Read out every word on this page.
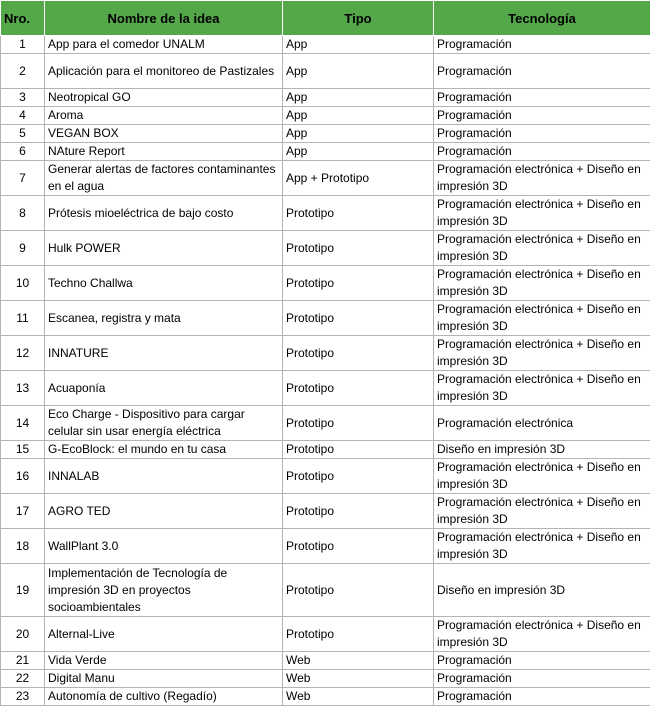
Nro.	Nombre de la idea	Tipo	Tecnología
1	App para el comedor UNALM	App	Programación
2	Aplicación para el monitoreo de Pastizales	App	Programación
3	Neotropical GO	App	Programación
4	Aroma	App	Programación
5	VEGAN BOX	App	Programación
6	NAture Report	App	Programación
7	Generar alertas de factores contaminantes en el agua	App + Prototipo	Programación electrónica + Diseño en impresión 3D
8	Prótesis mioeléctrica de bajo costo	Prototipo	Programación electrónica + Diseño en impresión 3D
9	Hulk POWER	Prototipo	Programación electrónica + Diseño en impresión 3D
10	Techno Challwa	Prototipo	Programación electrónica + Diseño en impresión 3D
11	Escanea, registra y mata	Prototipo	Programación electrónica + Diseño en impresión 3D
12	INNATURE	Prototipo	Programación electrónica + Diseño en impresión 3D
13	Acuaponía	Prototipo	Programación electrónica + Diseño en impresión 3D
14	Eco Charge - Dispositivo para cargar celular sin usar energía eléctrica	Prototipo	Programación electrónica
15	G-EcoBlock: el mundo en tu casa	Prototipo	Diseño en impresión 3D
16	INNALAB	Prototipo	Programación electrónica + Diseño en impresión 3D
17	AGRO TED	Prototipo	Programación electrónica + Diseño en impresión 3D
18	WallPlant 3.0	Prototipo	Programación electrónica + Diseño en impresión 3D
19	Implementación de Tecnología de impresión 3D en proyectos socioambientales	Prototipo	Diseño en impresión 3D
20	Alternal-Live	Prototipo	Programación electrónica + Diseño en impresión 3D
21	Vida Verde	Web	Programación
22	Digital Manu	Web	Programación
23	Autonomía de cultivo (Regadío)	Web	Programación
